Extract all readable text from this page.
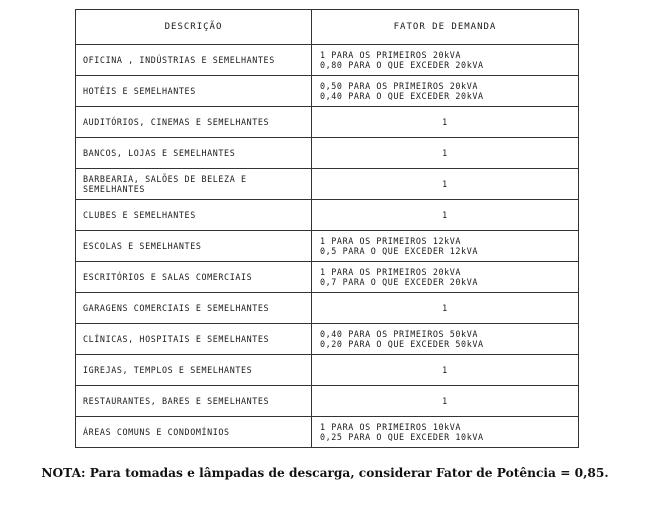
DESCRIÇÃO	FATOR DE DEMANDA
OFICINA , INDÚSTRIAS E SEMELHANTES	1 PARA OS PRIMEIROS 20kVA
0,80 PARA O QUE EXCEDER 20kVA

HOTÉIS E SEMELHANTES	0,50 PARA OS PRIMEIROS 20kVA
0,40 PARA O QUE EXCEDER 20kVA

AUDITÓRIOS, CINEMAS E SEMELHANTES	1

BANCOS, LOJAS E SEMELHANTES	1

BARBEARIA, SALÕES DE BELEZA E SEMELHANTES	1

CLUBES E SEMELHANTES	1

ESCOLAS E SEMELHANTES	1 PARA OS PRIMEIROS 12kVA
0,5 PARA O QUE EXCEDER 12kVA

ESCRITÓRIOS E SALAS COMERCIAIS	1 PARA OS PRIMEIROS 20kVA
0,7 PARA O QUE EXCEDER 20kVA

GARAGENS COMERCIAIS E SEMELHANTES	1

CLÍNICAS, HOSPITAIS E SEMELHANTES	0,40 PARA OS PRIMEIROS 50kVA
0,20 PARA O QUE EXCEDER 50kVA

IGREJAS, TEMPLOS E SEMELHANTES	1

RESTAURANTES, BARES E SEMELHANTES	1

ÁREAS COMUNS E CONDOMÍNIOS	1 PARA OS PRIMEIROS 10kVA
0,25 PARA O QUE EXCEDER 10kVA
NOTA: Para tomadas e lâmpadas de descarga, considerar Fator de Potência = 0,85.
